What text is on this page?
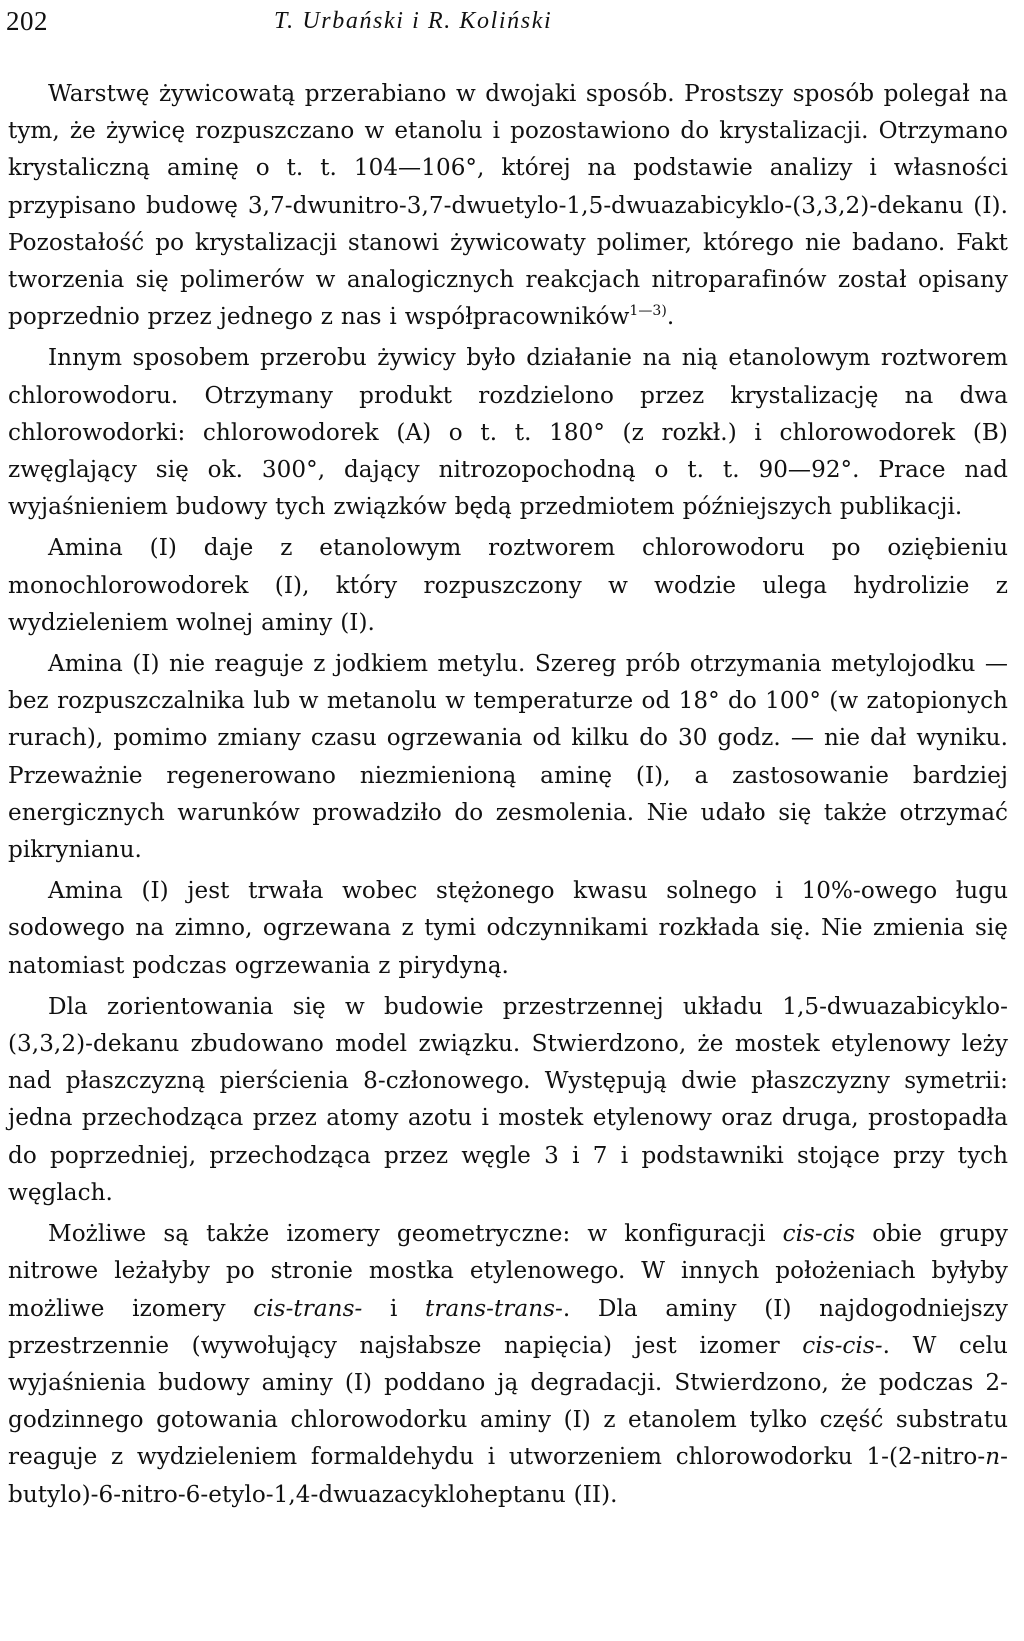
202	T. Urbański i R. Koliński

Warstwę żywicowatą przerabiano w dwojaki sposób. Prostszy sposób polegał na tym, że żywicę rozpuszczano w etanolu i pozostawiono do krystalizacji. Otrzymano krystaliczną aminę o t. t. 104—106°, której na podstawie analizy i własności przypisano budowę 3,7-dwunitro-3,7-dwuetylo-1,5-dwuazabicyklo-(3,3,2)-dekanu (I). Pozostałość po krystalizacji stanowi żywicowaty polimer, którego nie badano. Fakt tworzenia się polimerów w analogicznych reakcjach nitroparafinów został opisany poprzednio przez jednego z nas i współpracowników$^{1—3)}$.

Innym sposobem przerobu żywicy było działanie na nią etanolowym roztworem chlorowodoru. Otrzymany produkt rozdzielono przez krystalizację na dwa chlorowodorki: chlorowodorek (A) o t. t. 180° (z rozkł.) i chlorowodorek (B) zwęglający się ok. 300°, dający nitrozopochodną o t. t. 90—92°. Prace nad wyjaśnieniem budowy tych związków będą przedmiotem późniejszych publikacji.

Amina (I) daje z etanolowym roztworem chlorowodoru po oziębieniu monochlorowodorek (I), który rozpuszczony w wodzie ulega hydrolizie z wydzieleniem wolnej aminy (I).

Amina (I) nie reaguje z jodkiem metylu. Szereg prób otrzymania metylojodku — bez rozpuszczalnika lub w metanolu w temperaturze od 18° do 100° (w zatopionych rurach), pomimo zmiany czasu ogrzewania od kilku do 30 godz. — nie dał wyniku. Przeważnie regenerowano niezmienioną aminę (I), a zastosowanie bardziej energicznych warunków prowadziło do zesmolenia. Nie udało się także otrzymać pikrynianu.

Amina (I) jest trwała wobec stężonego kwasu solnego i 10%-owego ługu sodowego na zimno, ogrzewana z tymi odczynnikami rozkłada się. Nie zmienia się natomiast podczas ogrzewania z pirydyną.

Dla zorientowania się w budowie przestrzennej układu 1,5-dwuazabicyklo-(3,3,2)-dekanu zbudowano model związku. Stwierdzono, że mostek etylenowy leży nad płaszczyzną pierścienia 8-członowego. Występują dwie płaszczyzny symetrii: jedna przechodząca przez atomy azotu i mostek etylenowy oraz druga, prostopadła do poprzedniej, przechodząca przez węgle 3 i 7 i podstawniki stojące przy tych węglach.

Możliwe są także izomery geometryczne: w konfiguracji cis-cis obie grupy nitrowe leżałyby po stronie mostka etylenowego. W innych położeniach byłyby możliwe izomery cis-trans- i trans-trans-. Dla aminy (I) najdogodniejszy przestrzennie (wywołujący najsłabsze napięcia) jest izomer cis-cis-. W celu wyjaśnienia budowy aminy (I) poddano ją degradacji. Stwierdzono, że podczas 2-godzinnego gotowania chlorowodorku aminy (I) z etanolem tylko część substratu reaguje z wydzieleniem formaldehydu i utworzeniem chlorowodorku 1-(2-nitro-n-butylo)-6-nitro-6-etylo-1,4-dwuazacykloheptanu (II).
